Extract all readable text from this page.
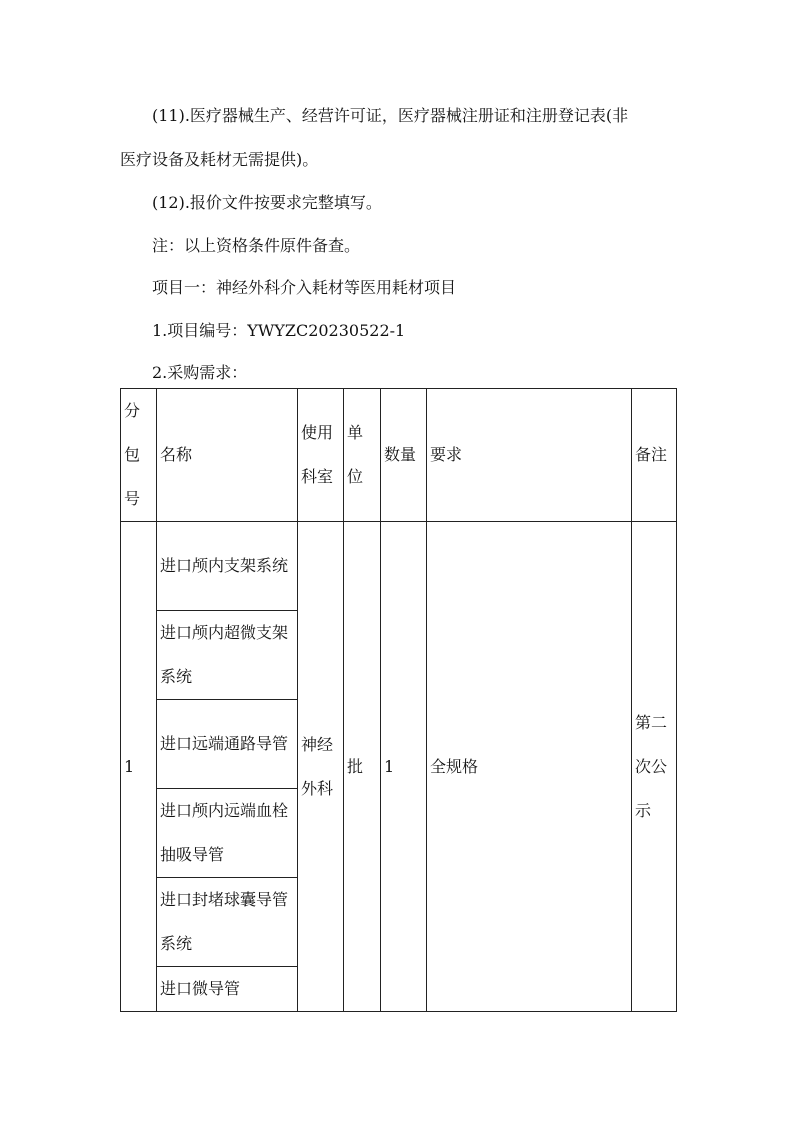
(11).医疗器械生产、经营许可证，医疗器械注册证和注册登记表(非
医疗设备及耗材无需提供)。
(12).报价文件按要求完整填写。
注：以上资格条件原件备查。
项目一：神经外科介入耗材等医用耗材项目
1.项目编号：YWYZC20230522-1
2.采购需求：
分包号	名称	使用科室	单位	数量	要求	备注
1	进口颅内支架系统	神经外科	批	1	全规格	第二次公示
	进口颅内超微支架系统					
	进口远端通路导管					
	进口颅内远端血栓抽吸导管					
	进口封堵球囊导管系统					
	进口微导管					
